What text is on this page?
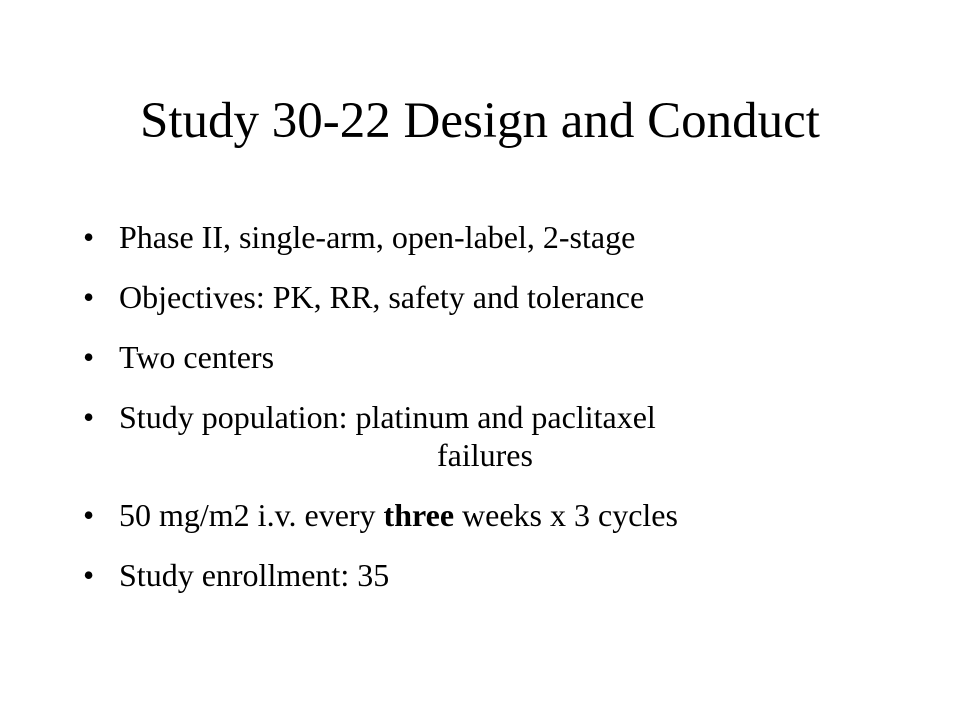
Study 30-22 Design and Conduct
• Phase II, single-arm, open-label, 2-stage
• Objectives: PK, RR, safety and tolerance
• Two centers
• Study population: platinum and paclitaxel
failures
• 50 mg/m2 i.v. every three weeks x 3 cycles
• Study enrollment: 35
